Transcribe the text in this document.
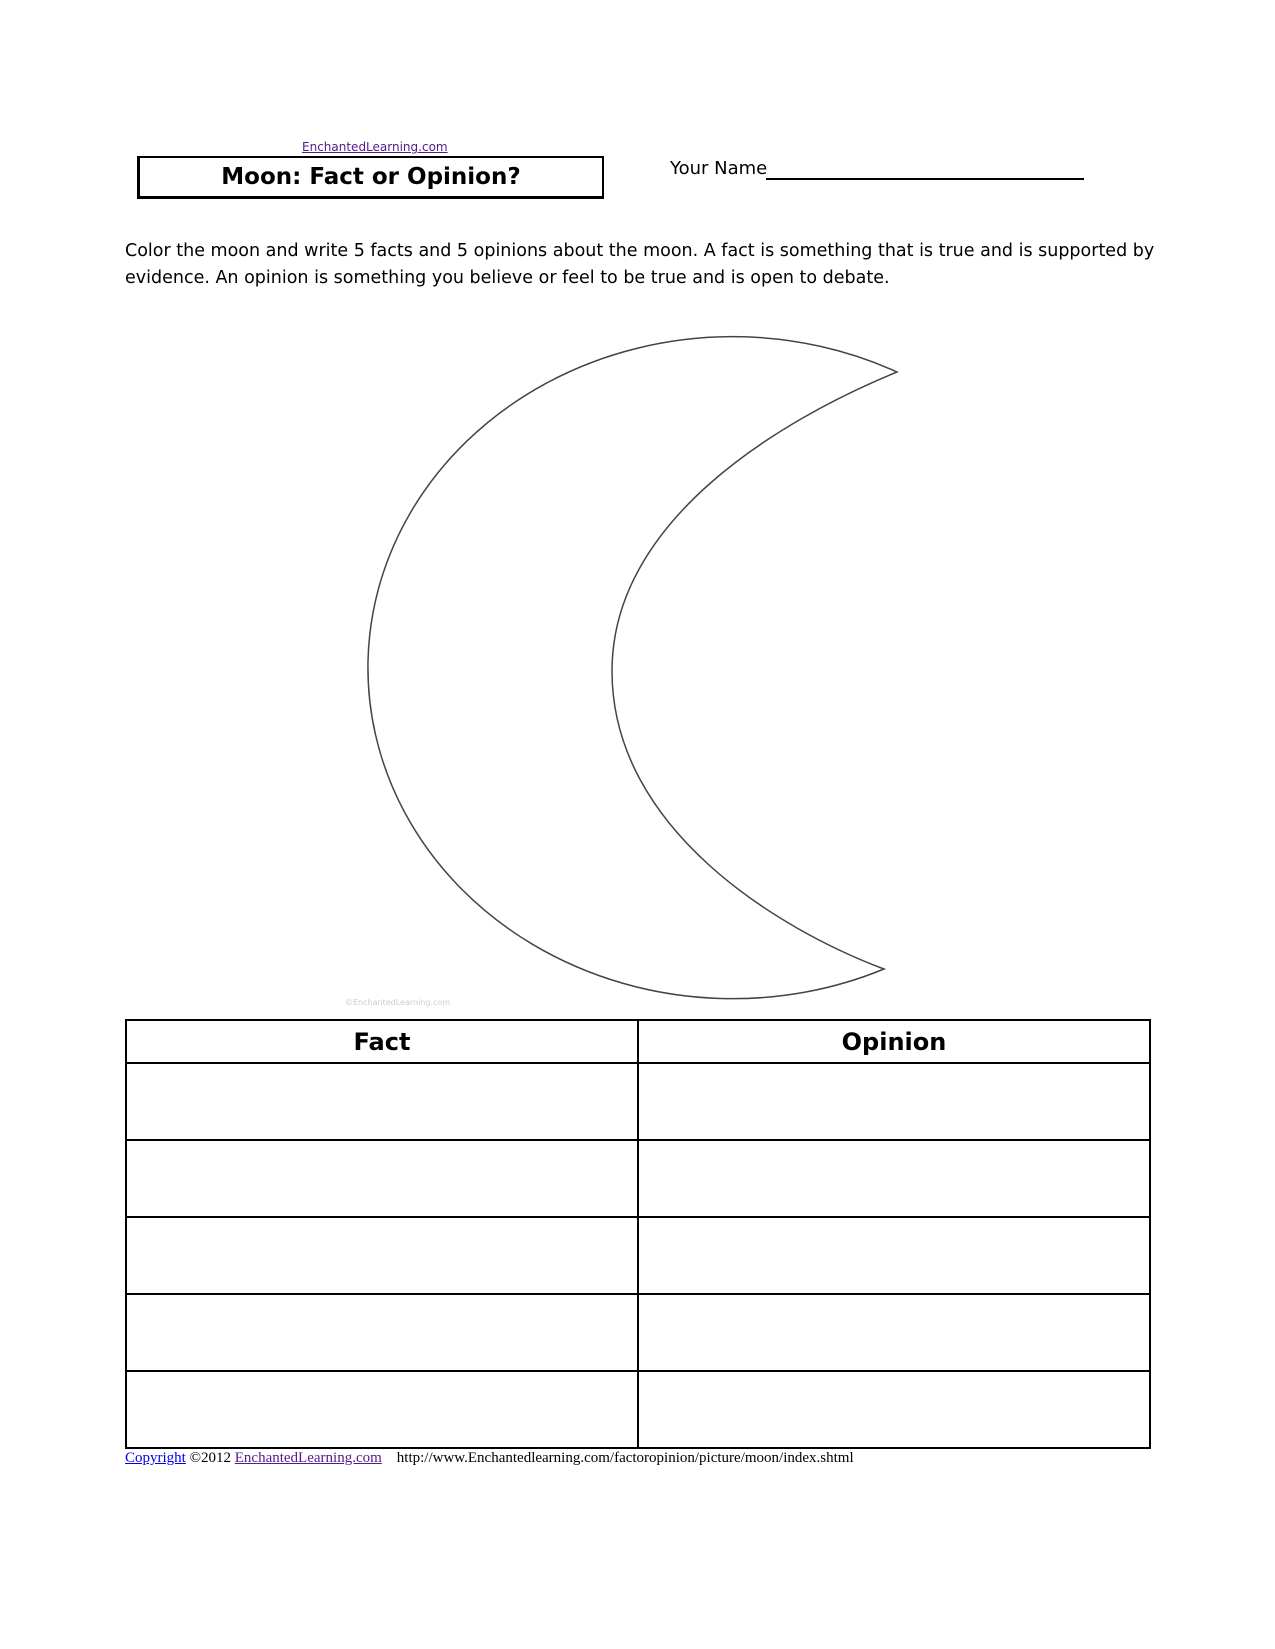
EnchantedLearning.com
Moon: Fact or Opinion?	Your Name
Color the moon and write 5 facts and 5 opinions about the moon. A fact is something that is true and is supported by evidence. An opinion is something you believe or feel to be true and is open to debate.
©EnchantedLearning.com
Fact	Opinion

Copyright ©2012 EnchantedLearning.com http://www.Enchantedlearning.com/factoropinion/picture/moon/index.shtml
